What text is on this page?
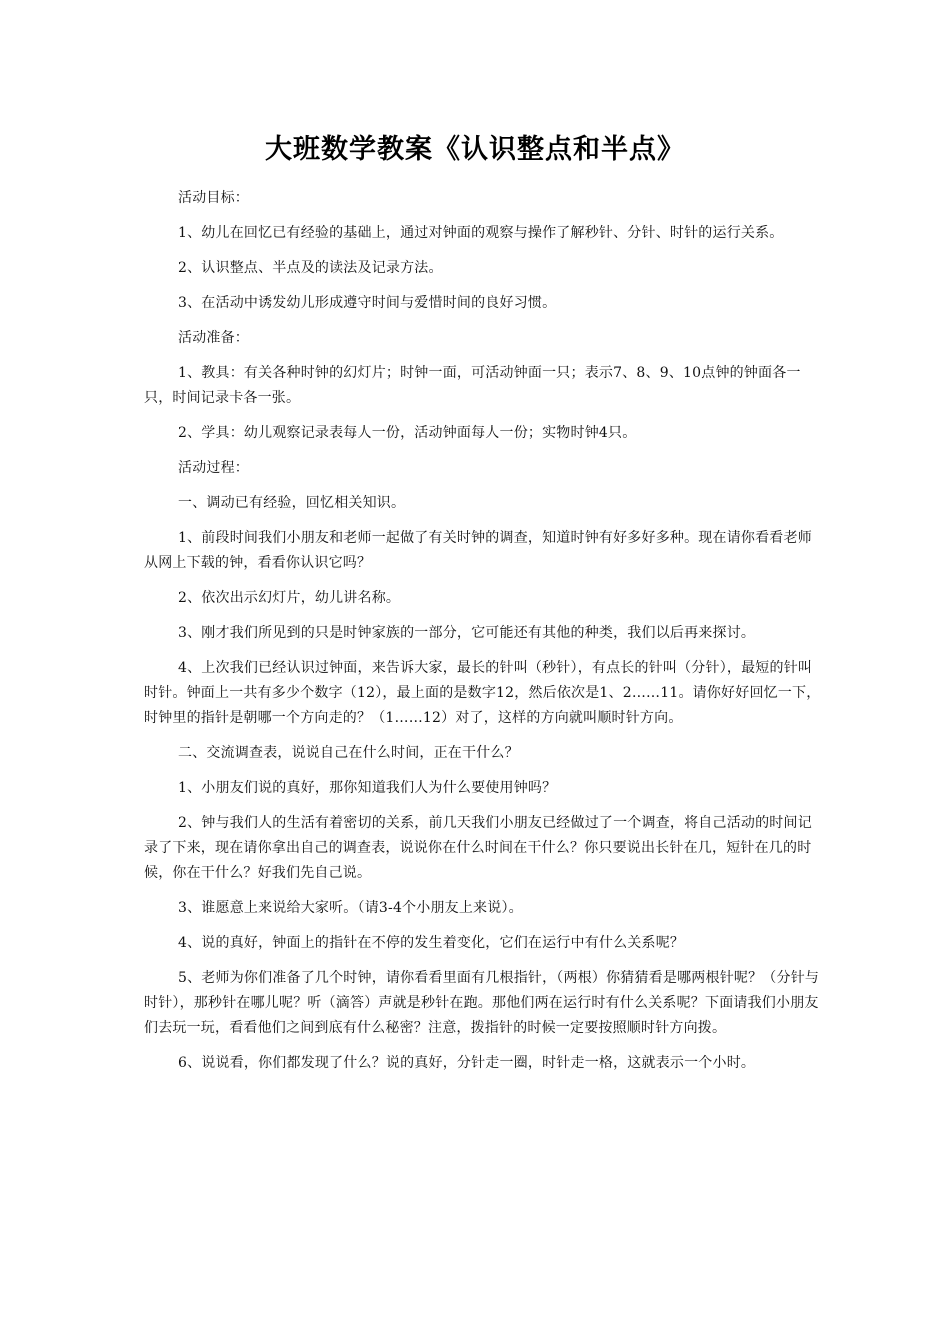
大班数学教案《认识整点和半点》

活动目标：

1、幼儿在回忆已有经验的基础上，通过对钟面的观察与操作了解秒针、分针、时针的运行关系。

2、认识整点、半点及的读法及记录方法。

3、在活动中诱发幼儿形成遵守时间与爱惜时间的良好习惯。

活动准备：

1、教具：有关各种时钟的幻灯片；时钟一面，可活动钟面一只；表示7、8、9、10点钟的钟面各一只，时间记录卡各一张。

2、学具：幼儿观察记录表每人一份，活动钟面每人一份；实物时钟4只。

活动过程：

一、调动已有经验，回忆相关知识。

1、前段时间我们小朋友和老师一起做了有关时钟的调查，知道时钟有好多好多种。现在请你看看老师从网上下载的钟，看看你认识它吗？

2、依次出示幻灯片，幼儿讲名称。

3、刚才我们所见到的只是时钟家族的一部分，它可能还有其他的种类，我们以后再来探讨。

4、上次我们已经认识过钟面，来告诉大家，最长的针叫（秒针），有点长的针叫（分针），最短的针叫时针。钟面上一共有多少个数字（12），最上面的是数字12，然后依次是1、2……11。请你好好回忆一下，时钟里的指针是朝哪一个方向走的？（1……12）对了，这样的方向就叫顺时针方向。

二、交流调查表，说说自己在什么时间，正在干什么？

1、小朋友们说的真好，那你知道我们人为什么要使用钟吗？

2、钟与我们人的生活有着密切的关系，前几天我们小朋友已经做过了一个调查，将自己活动的时间记录了下来，现在请你拿出自己的调查表，说说你在什么时间在干什么？你只要说出长针在几，短针在几的时候，你在干什么？好我们先自己说。

3、谁愿意上来说给大家听。（请3-4个小朋友上来说）。

4、说的真好，钟面上的指针在不停的发生着变化，它们在运行中有什么关系呢？

5、老师为你们准备了几个时钟，请你看看里面有几根指针，（两根）你猜猜看是哪两根针呢？（分针与时针），那秒针在哪儿呢？听（滴答）声就是秒针在跑。那他们两在运行时有什么关系呢？下面请我们小朋友们去玩一玩，看看他们之间到底有什么秘密？注意，拨指针的时候一定要按照顺时针方向拨。

6、说说看，你们都发现了什么？说的真好，分针走一圈，时针走一格，这就表示一个小时。
